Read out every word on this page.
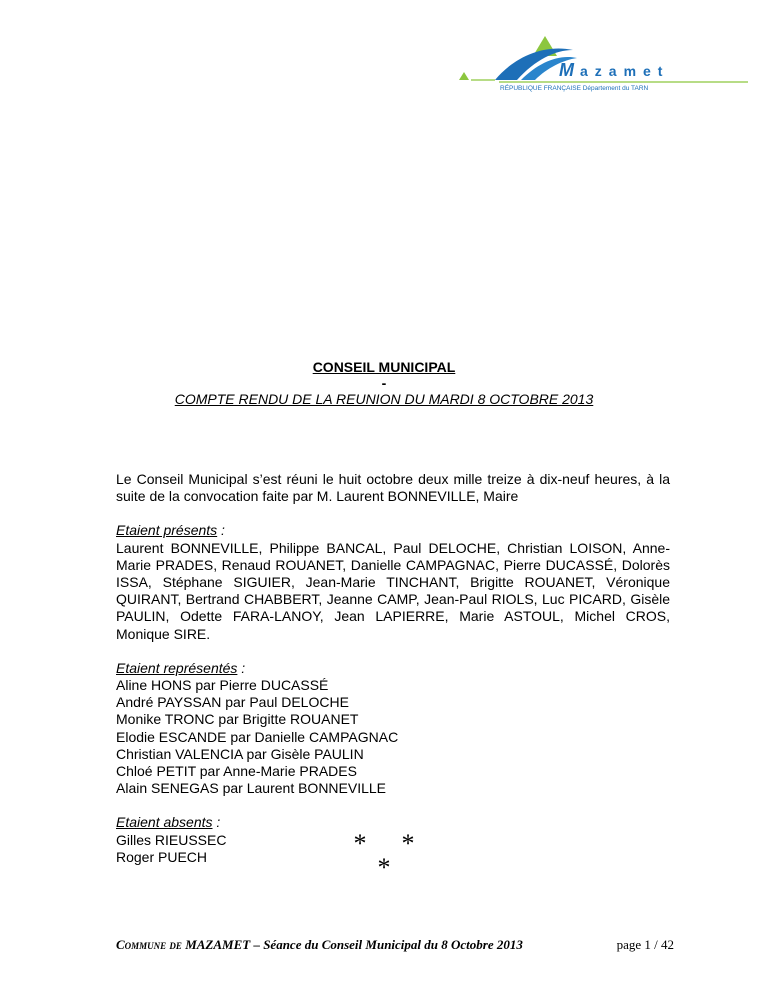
M azamet
RÉPUBLIQUE FRANÇAISE Département du TARN
CONSEIL MUNICIPAL
-
COMPTE RENDU DE LA REUNION DU MARDI 8 OCTOBRE 2013

Le Conseil Municipal s’est réuni le huit octobre deux mille treize à dix-neuf heures, à la suite de la convocation faite par M. Laurent BONNEVILLE, Maire

Etaient présents :

Laurent BONNEVILLE, Philippe BANCAL, Paul DELOCHE, Christian LOISON, Anne-Marie PRADES, Renaud ROUANET, Danielle CAMPAGNAC, Pierre DUCASSÉ, Dolorès ISSA, Stéphane SIGUIER, Jean-Marie TINCHANT, Brigitte ROUANET, Véronique QUIRANT, Bertrand CHABBERT, Jeanne CAMP, Jean-Paul RIOLS, Luc PICARD, Gisèle PAULIN, Odette FARA-LANOY, Jean LAPIERRE, Marie ASTOUL, Michel CROS, Monique SIRE.

Etaient représentés :

Aline HONS par Pierre DUCASSÉ

André PAYSSAN par Paul DELOCHE

Monike TRONC par Brigitte ROUANET

Elodie ESCANDE par Danielle CAMPAGNAC

Christian VALENCIA par Gisèle PAULIN

Chloé PETIT par Anne-Marie PRADES

Alain SENEGAS par Laurent BONNEVILLE

Etaient absents :

Gilles RIEUSSEC

Roger PUECH	* *
*
Commune de MAZAMET – Séance du Conseil Municipal du 8 Octobre 2013	page 1 / 42
